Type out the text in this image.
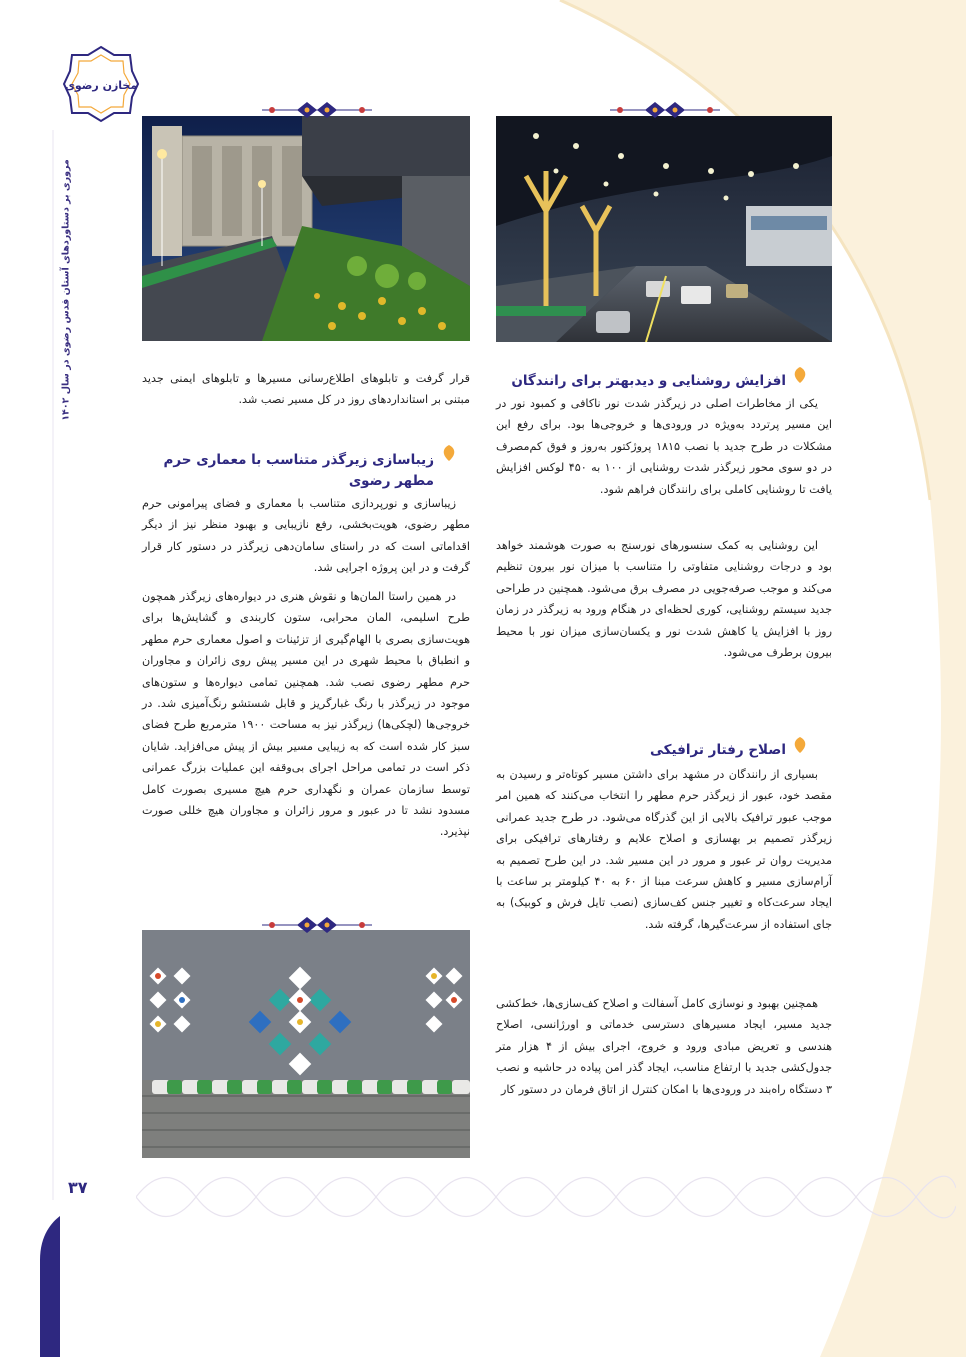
مخازن رضوی
مروری بر دستاوردهای آستان قدس رضوی در سال ۱۴۰۲	افزایش روشنایی و دیدبهتر برای رانندگان
یکی از مخاطرات اصلی در زیرگذر شدت نور ناکافی و کمبود نور در این مسیر پرتردد به‌ویژه در ورودی‌ها و خروجی‌ها بود. برای رفع این مشکلات در طرح جدید با نصب ۱۸۱۵ پروژکتور به‌روز و فوق کم‌مصرف در دو سوی محور زیرگذر شدت روشنایی از ۱۰۰ به ۴۵۰ لوکس افزایش یافت تا روشنایی کاملی برای رانندگان فراهم شود.
این روشنایی به کمک سنسورهای نورسنج به صورت هوشمند خواهد بود و درجات روشنایی متفاوتی را متناسب با میزان نور بیرون تنظیم می‌کند و موجب صرفه‌جویی در مصرف برق می‌شود. همچنین در طراحی جدید سیستم روشنایی، کوری لحظه‌ای در هنگام ورود به زیرگذر در زمان روز با افزایش یا کاهش شدت نور و یکسان‌سازی میزان نور با محیط بیرون برطرف می‌شود.
اصلاح رفتار ترافیکی
بسیاری از رانندگان در مشهد برای داشتن مسیر کوتاه‌تر و رسیدن به مقصد خود، عبور از زیرگذر حرم مطهر را انتخاب می‌کنند که همین امر موجب عبور ترافیک بالایی از این گذرگاه می‌شود. در طرح جدید عمرانی زیرگذر تصمیم بر بهسازی و اصلاح علایم و رفتارهای ترافیکی برای مدیریت روان تر عبور و مرور در این مسیر شد. در این طرح تصمیم به آرام‌سازی مسیر و کاهش سرعت مبنا از ۶۰ به ۴۰ کیلومتر بر ساعت با ایجاد سرعت‌کاه و تغییر جنس کف‌سازی (نصب تایل فرش و کوبیک) به جای استفاده از سرعت‌گیرها، گرفته شد.
همچنین بهبود و نوسازی کامل آسفالت و اصلاح کف‌سازی‌ها، خط‌کشی جدید مسیر، ایجاد مسیرهای دسترسی خدماتی و اورژانسی، اصلاح هندسی و تعریض مبادی ورود و خروج، اجرای بیش از ۴ هزار متر جدول‌کشی جدید با ارتفاع مناسب، ایجاد گذر امن پیاده در حاشیه و نصب ۳ دستگاه راه‌بند در ورودی‌ها با امکان کنترل از اتاق فرمان در دستور کار
قرار گرفت و تابلوهای اطلاع‌رسانی مسیرها و تابلوهای ایمنی جدید مبتنی بر استانداردهای روز در کل مسیر نصب شد.
زیباسازی زیرگذر متناسب با معماری حرم مطهر رضوی
زیباسازی و نورپردازی متناسب با معماری و فضای پیرامونی حرم مطهر رضوی، هویت‌بخشی، رفع نازیبایی و بهبود منظر نیز از دیگر اقداماتی است که در راستای سامان‌دهی زیرگذر در دستور کار قرار گرفت و در این پروژه اجرایی شد.
در همین راستا المان‌ها و نقوش هنری در دیواره‌های زیرگذر همچون طرح اسلیمی، المان محرابی، ستون کاربندی و گشایش‌ها برای هویت‌سازی بصری با الهام‌گیری از تزئینات و اصول معماری حرم مطهر و انطباق با محیط شهری در این مسیر پیش روی زائران و مجاوران حرم مطهر رضوی نصب شد. همچنین تمامی دیواره‌ها و ستون‌های موجود در زیرگذر با رنگ غبارگریز و قابل شستشو رنگ‌آمیزی شد. در خروجی‌ها (لچکی‌ها) زیرگذر نیز به مساحت ۱۹۰۰ مترمربع طرح فضای سبز کار شده است که به زیبایی مسیر بیش از پیش می‌افزاید. شایان ذکر است در تمامی مراحل اجرای بی‌وقفه این عملیات بزرگ عمرانی توسط سازمان عمران و نگهداری حرم هیچ مسیری بصورت کامل مسدود نشد تا در عبور و مرور زائران و مجاوران هیچ خللی صورت نپذیرد.
۳۷
